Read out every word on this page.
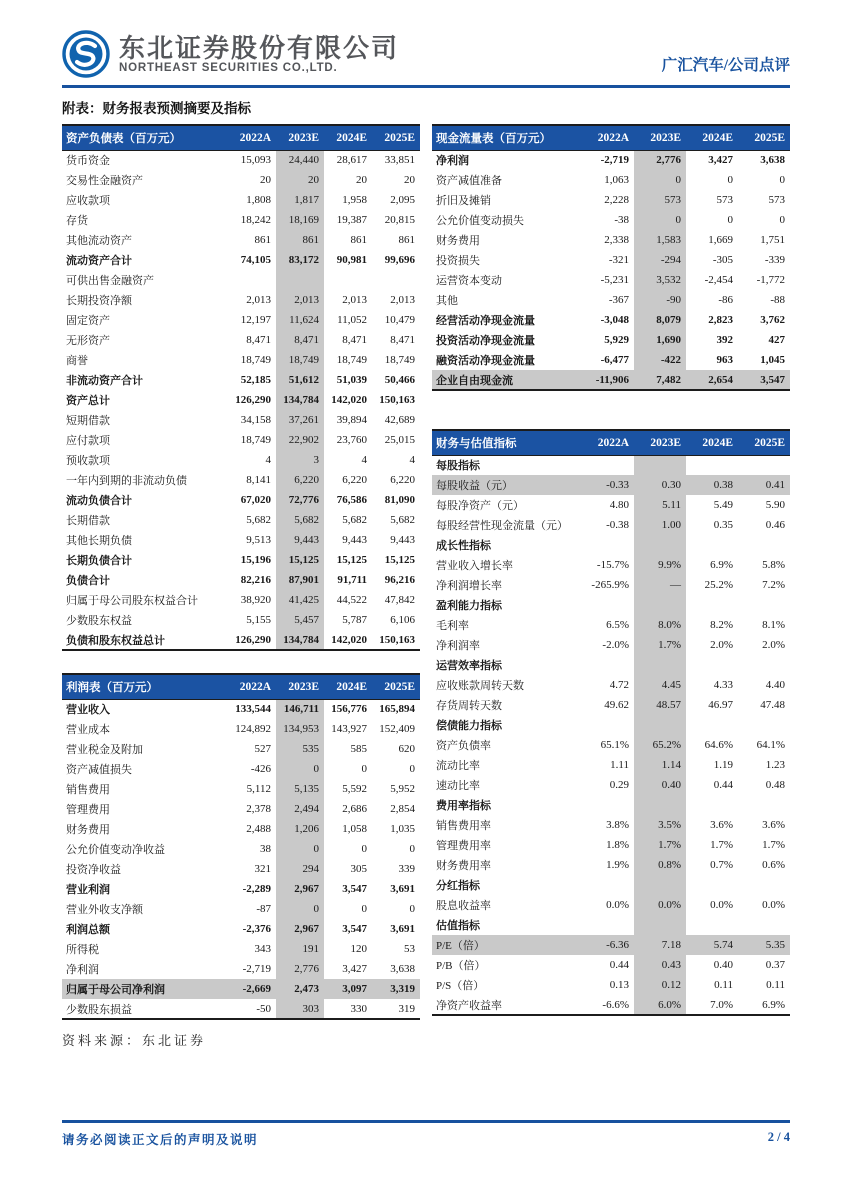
东北证券股份有限公司
NORTHEAST SECURITIES CO.,LTD.	广汇汽车/公司点评
附表：财务报表预测摘要及指标
资产负债表（百万元）	2022A	2023E	2024E	2025E
货币资金	15,093	24,440	28,617	33,851
交易性金融资产	20	20	20	20
应收款项	1,808	1,817	1,958	2,095
存货	18,242	18,169	19,387	20,815
其他流动资产	861	861	861	861
流动资产合计	74,105	83,172	90,981	99,696
可供出售金融资产				
长期投资净额	2,013	2,013	2,013	2,013
固定资产	12,197	11,624	11,052	10,479
无形资产	8,471	8,471	8,471	8,471
商誉	18,749	18,749	18,749	18,749
非流动资产合计	52,185	51,612	51,039	50,466
资产总计	126,290	134,784	142,020	150,163
短期借款	34,158	37,261	39,894	42,689
应付款项	18,749	22,902	23,760	25,015
预收款项	4	3	4	4
一年内到期的非流动负债	8,141	6,220	6,220	6,220
流动负债合计	67,020	72,776	76,586	81,090
长期借款	5,682	5,682	5,682	5,682
其他长期负债	9,513	9,443	9,443	9,443
长期负债合计	15,196	15,125	15,125	15,125
负债合计	82,216	87,901	91,711	96,216
归属于母公司股东权益合计	38,920	41,425	44,522	47,842
少数股东权益	5,155	5,457	5,787	6,106
负债和股东权益总计	126,290	134,784	142,020	150,163
利润表（百万元）	2022A	2023E	2024E	2025E
营业收入	133,544	146,711	156,776	165,894
营业成本	124,892	134,953	143,927	152,409
营业税金及附加	527	535	585	620
资产减值损失	-426	0	0	0
销售费用	5,112	5,135	5,592	5,952
管理费用	2,378	2,494	2,686	2,854
财务费用	2,488	1,206	1,058	1,035
公允价值变动净收益	38	0	0	0
投资净收益	321	294	305	339
营业利润	-2,289	2,967	3,547	3,691
营业外收支净额	-87	0	0	0
利润总额	-2,376	2,967	3,547	3,691
所得税	343	191	120	53
净利润	-2,719	2,776	3,427	3,638
归属于母公司净利润	-2,669	2,473	3,097	3,319
少数股东损益	-50	303	330	319
资料来源：东北证券
现金流量表（百万元）	2022A	2023E	2024E	2025E
净利润	-2,719	2,776	3,427	3,638
资产减值准备	1,063	0	0	0
折旧及摊销	2,228	573	573	573
公允价值变动损失	-38	0	0	0
财务费用	2,338	1,583	1,669	1,751
投资损失	-321	-294	-305	-339
运营资本变动	-5,231	3,532	-2,454	-1,772
其他	-367	-90	-86	-88
经营活动净现金流量	-3,048	8,079	2,823	3,762
投资活动净现金流量	5,929	1,690	392	427
融资活动净现金流量	-6,477	-422	963	1,045
企业自由现金流	-11,906	7,482	2,654	3,547
财务与估值指标	2022A	2023E	2024E	2025E
每股指标				
每股收益（元）	-0.33	0.30	0.38	0.41
每股净资产（元）	4.80	5.11	5.49	5.90
每股经营性现金流量（元）	-0.38	1.00	0.35	0.46
成长性指标				
营业收入增长率	-15.7%	9.9%	6.9%	5.8%
净利润增长率	-265.9%	—	25.2%	7.2%
盈利能力指标				
毛利率	6.5%	8.0%	8.2%	8.1%
净利润率	-2.0%	1.7%	2.0%	2.0%
运营效率指标				
应收账款周转天数	4.72	4.45	4.33	4.40
存货周转天数	49.62	48.57	46.97	47.48
偿债能力指标				
资产负债率	65.1%	65.2%	64.6%	64.1%
流动比率	1.11	1.14	1.19	1.23
速动比率	0.29	0.40	0.44	0.48
费用率指标				
销售费用率	3.8%	3.5%	3.6%	3.6%
管理费用率	1.8%	1.7%	1.7%	1.7%
财务费用率	1.9%	0.8%	0.7%	0.6%
分红指标				
股息收益率	0.0%	0.0%	0.0%	0.0%
估值指标				
P/E（倍）	-6.36	7.18	5.74	5.35
P/B（倍）	0.44	0.43	0.40	0.37
P/S（倍）	0.13	0.12	0.11	0.11
净资产收益率	-6.6%	6.0%	7.0%	6.9%
请务必阅读正文后的声明及说明	2 / 4
